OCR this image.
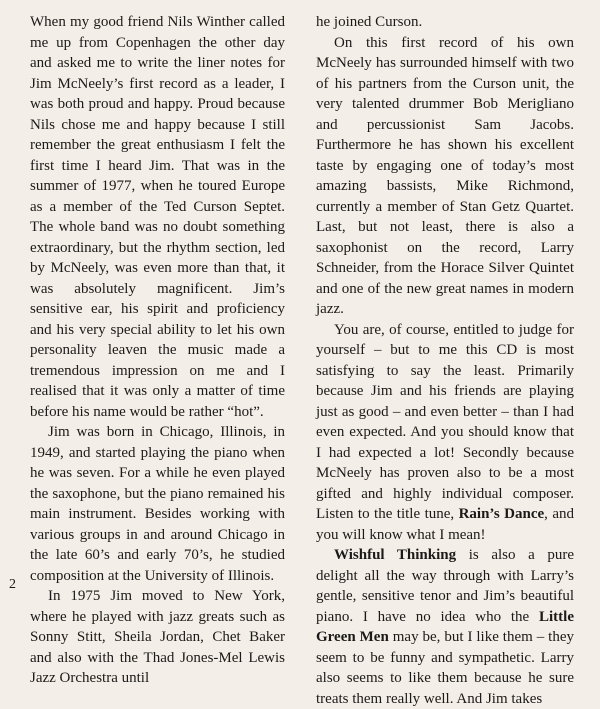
When my good friend Nils Winther called me up from Copenhagen the other day and asked me to write the liner notes for Jim McNeely’s first record as a leader, I was both proud and happy. Proud because Nils chose me and happy because I still remember the great enthusiasm I felt the first time I heard Jim. That was in the summer of 1977, when he toured Europe as a member of the Ted Curson Septet. The whole band was no doubt something extraordinary, but the rhythm section, led by McNeely, was even more than that, it was absolutely magnificent. Jim’s sensitive ear, his spirit and proficiency and his very special ability to let his own personality leaven the music made a tremendous impression on me and I realised that it was only a matter of time before his name would be rather “hot”.

Jim was born in Chicago, Illinois, in 1949, and started playing the piano when he was seven. For a while he even played the saxophone, but the piano remained his main instrument. Besides working with various groups in and around Chicago in the late 60’s and early 70’s, he studied composition at the University of Illinois.

In 1975 Jim moved to New York, where he played with jazz greats such as Sonny Stitt, Sheila Jordan, Chet Baker and also with the Thad Jones-Mel Lewis Jazz Orchestra until

he joined Curson.

On this first record of his own McNeely has surrounded himself with two of his partners from the Curson unit, the very talented drummer Bob Merigliano and percussionist Sam Jacobs. Furthermore he has shown his excellent taste by engaging one of today’s most amazing bassists, Mike Richmond, currently a member of Stan Getz Quartet. Last, but not least, there is also a saxophonist on the record, Larry Schneider, from the Horace Silver Quintet and one of the new great names in modern jazz.

You are, of course, entitled to judge for yourself – but to me this CD is most satisfying to say the least. Primarily because Jim and his friends are playing just as good – and even better – than I had even expected. And you should know that I had expected a lot! Secondly because McNeely has proven also to be a most gifted and highly individual composer. Listen to the title tune, Rain’s Dance, and you will know what I mean!

Wishful Thinking is also a pure delight all the way through with Larry’s gentle, sensitive tenor and Jim’s beautiful piano. I have no idea who the Little Green Men may be, but I like them – they seem to be funny and sympathetic. Larry also seems to like them because he sure treats them really well. And Jim takes

2
